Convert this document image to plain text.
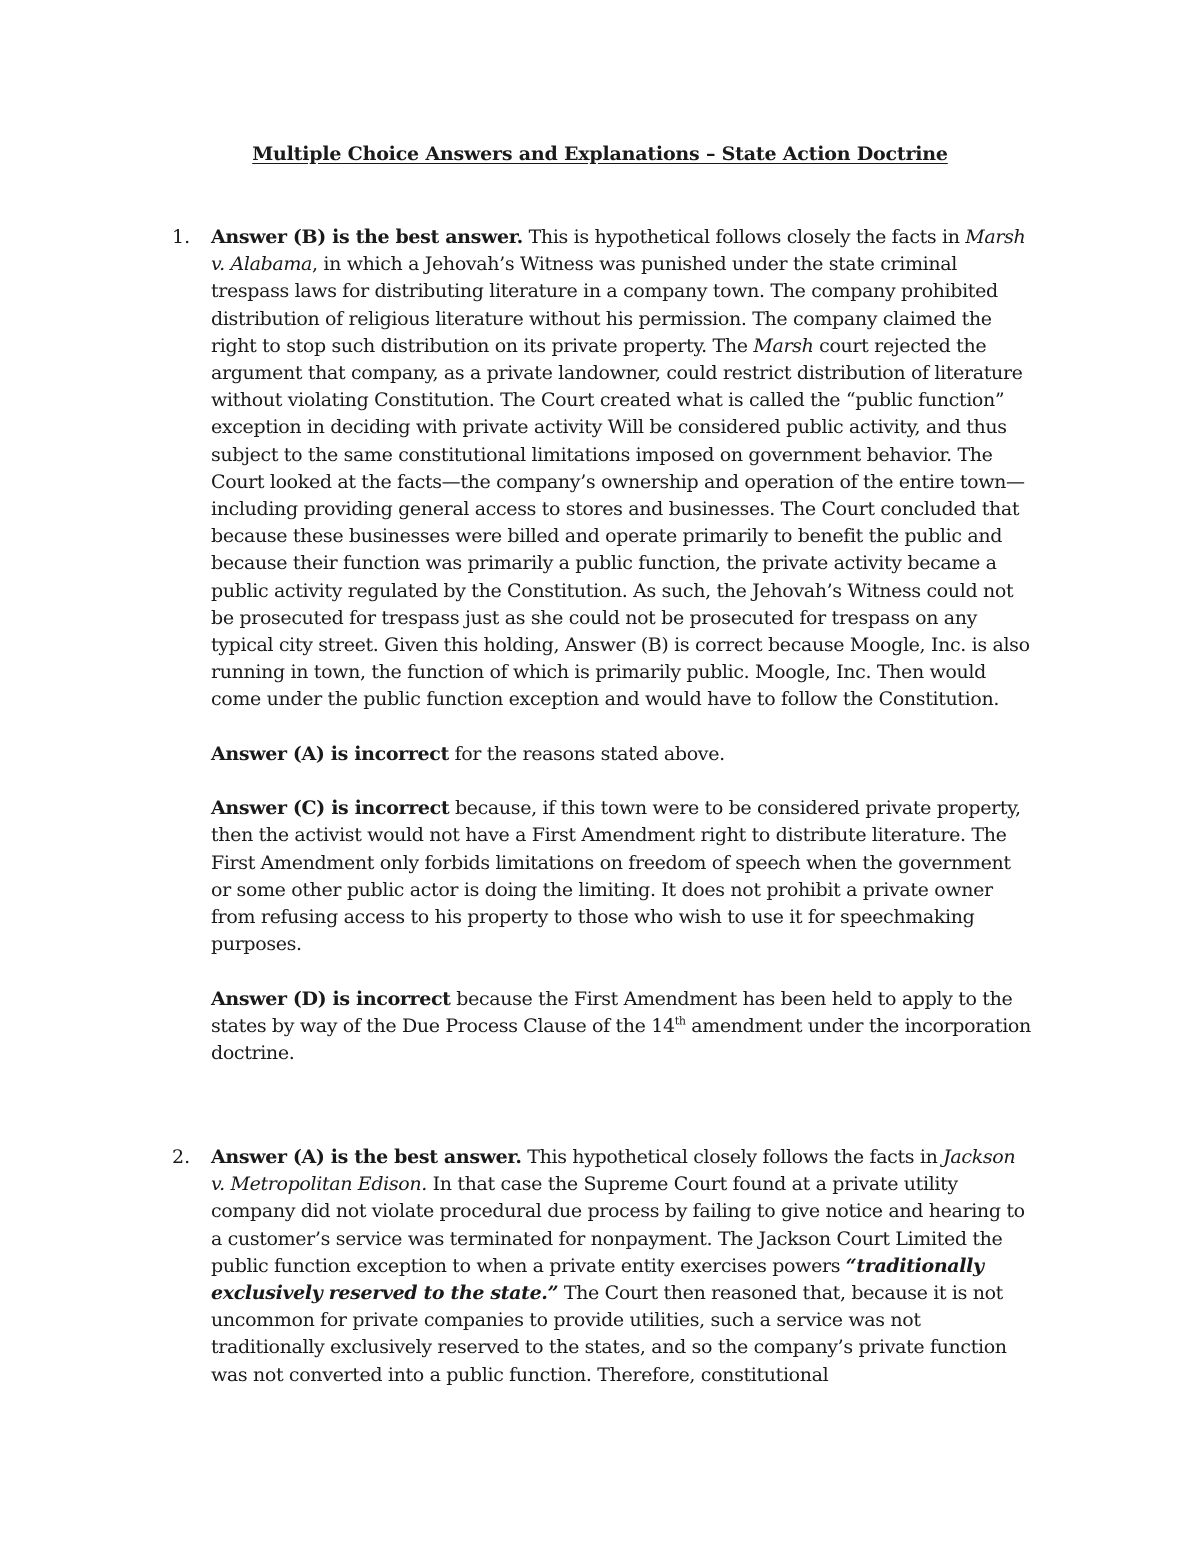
Multiple Choice Answers and Explanations – State Action Doctrine
1. Answer (B) is the best answer. This is hypothetical follows closely the facts in Marsh v. Alabama, in which a Jehovah’s Witness was punished under the state criminal trespass laws for distributing literature in a company town. The company prohibited distribution of religious literature without his permission. The company claimed the right to stop such distribution on its private property. The Marsh court rejected the argument that company, as a private landowner, could restrict distribution of literature without violating Constitution. The Court created what is called the “public function” exception in deciding with private activity Will be considered public activity, and thus subject to the same constitutional limitations imposed on government behavior. The Court looked at the facts—the company’s ownership and operation of the entire town—including providing general access to stores and businesses. The Court concluded that because these businesses were billed and operate primarily to benefit the public and because their function was primarily a public function, the private activity became a public activity regulated by the Constitution. As such, the Jehovah’s Witness could not be prosecuted for trespass just as she could not be prosecuted for trespass on any typical city street. Given this holding, Answer (B) is correct because Moogle, Inc. is also running in town, the function of which is primarily public. Moogle, Inc. Then would come under the public function exception and would have to follow the Constitution.

Answer (A) is incorrect for the reasons stated above.

Answer (C) is incorrect because, if this town were to be considered private property, then the activist would not have a First Amendment right to distribute literature. The First Amendment only forbids limitations on freedom of speech when the government or some other public actor is doing the limiting. It does not prohibit a private owner from refusing access to his property to those who wish to use it for speechmaking purposes.

Answer (D) is incorrect because the First Amendment has been held to apply to the states by way of the Due Process Clause of the 14th amendment under the incorporation doctrine.

2. Answer (A) is the best answer. This hypothetical closely follows the facts in Jackson v. Metropolitan Edison. In that case the Supreme Court found at a private utility company did not violate procedural due process by failing to give notice and hearing to a customer’s service was terminated for nonpayment. The Jackson Court Limited the public function exception to when a private entity exercises powers “traditionally exclusively reserved to the state.” The Court then reasoned that, because it is not uncommon for private companies to provide utilities, such a service was not traditionally exclusively reserved to the states, and so the company’s private function was not converted into a public function. Therefore, constitutional
